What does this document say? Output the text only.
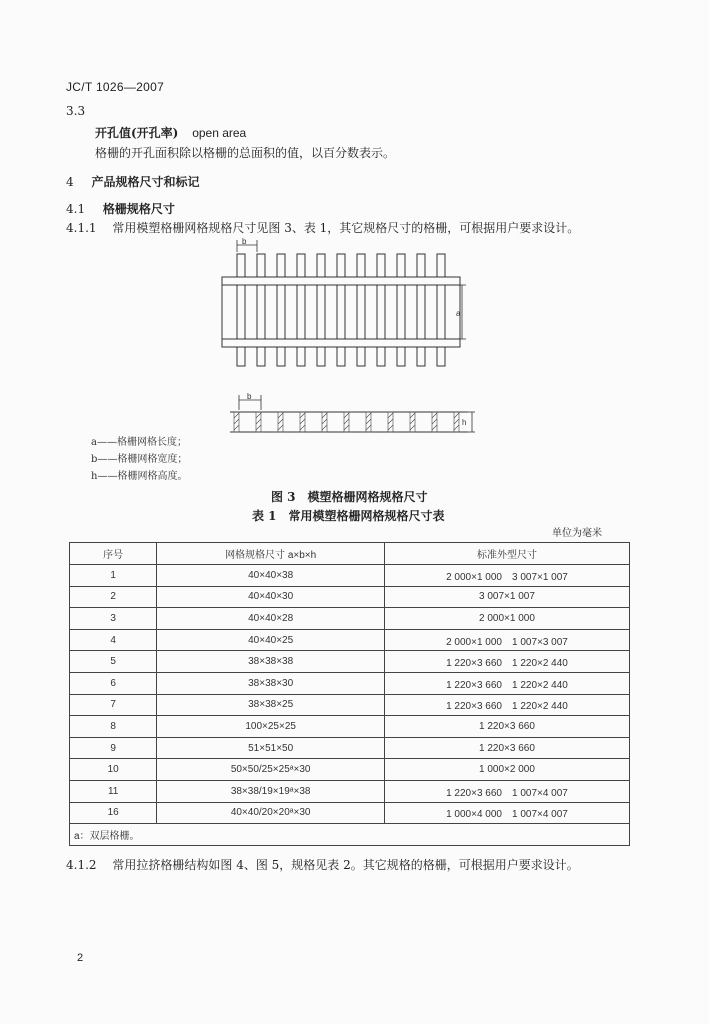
JC/T 1026—2007
3.3
开孔值(开孔率) open area
格栅的开孔面积除以格栅的总面积的值，以百分数表示。
4 产品规格尺寸和标记
4.1 格栅规格尺寸
4.1.1 常用模塑格栅网格规格尺寸见图 3、表 1，其它规格尺寸的格栅，可根据用户要求设计。
b
a
b
h
a——格栅网格长度；
b——格栅网格宽度；
h——格栅网格高度。
图 3　模塑格栅网格规格尺寸
表 1　常用模塑格栅网格规格尺寸表
单位为毫米
序号	网格规格尺寸 a×b×h	标准外型尺寸
1	40×40×38	2 000×1 000　3 007×1 007
2	40×40×30	3 007×1 007
3	40×40×28	2 000×1 000
4	40×40×25	2 000×1 000　1 007×3 007
5	38×38×38	1 220×3 660　1 220×2 440
6	38×38×30	1 220×3 660　1 220×2 440
7	38×38×25	1 220×3 660　1 220×2 440
8	100×25×25	1 220×3 660
9	51×51×50	1 220×3 660
10	50×50/25×25ᵃ×30	1 000×2 000
11	38×38/19×19ᵃ×38	1 220×3 660　1 007×4 007
16	40×40/20×20ᵃ×30	1 000×4 000　1 007×4 007
a：双层格栅。		
4.1.2 常用拉挤格栅结构如图 4、图 5，规格见表 2。其它规格的格栅，可根据用户要求设计。
2
